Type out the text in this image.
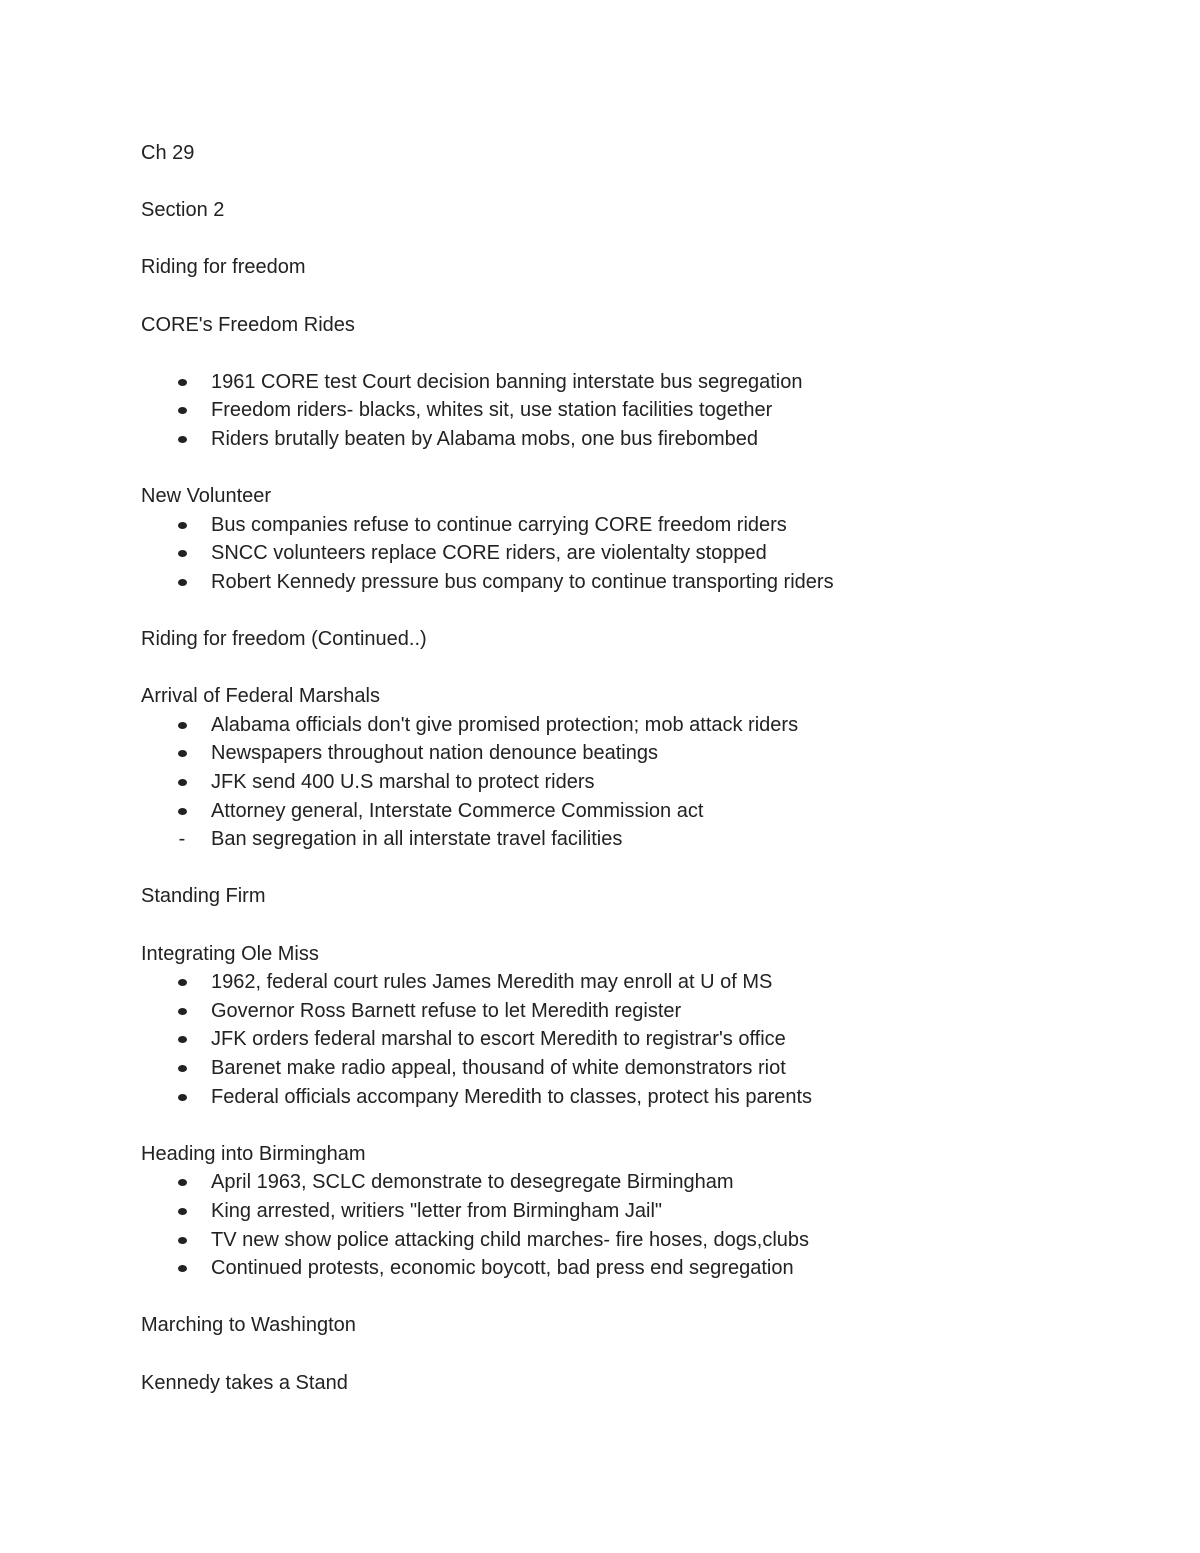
Ch 29
Section 2
Riding for freedom
CORE's Freedom Rides
1961 CORE test Court decision banning interstate bus segregation
Freedom riders- blacks, whites sit, use station facilities together
Riders brutally beaten by Alabama mobs, one bus firebombed
New Volunteer
Bus companies refuse to continue carrying CORE freedom riders
SNCC volunteers replace CORE riders, are violentalty stopped
Robert Kennedy pressure bus company to continue transporting riders
Riding for freedom (Continued..)
Arrival of Federal Marshals
Alabama officials don't give promised protection; mob attack riders
Newspapers throughout nation denounce beatings
JFK send 400 U.S marshal to protect riders
Attorney general, Interstate Commerce Commission act
- Ban segregation in all interstate travel facilities
Standing Firm
Integrating Ole Miss
1962, federal court rules James Meredith may enroll at U of MS
Governor Ross Barnett refuse to let Meredith register
JFK orders federal marshal to escort Meredith to registrar's office
Barenet make radio appeal, thousand of white demonstrators riot
Federal officials accompany Meredith to classes, protect his parents
Heading into Birmingham
April 1963, SCLC demonstrate to desegregate Birmingham
King arrested, writiers "letter from Birmingham Jail"
TV new show police attacking child marches- fire hoses, dogs,clubs
Continued protests, economic boycott, bad press end segregation
Marching to Washington
Kennedy takes a Stand
